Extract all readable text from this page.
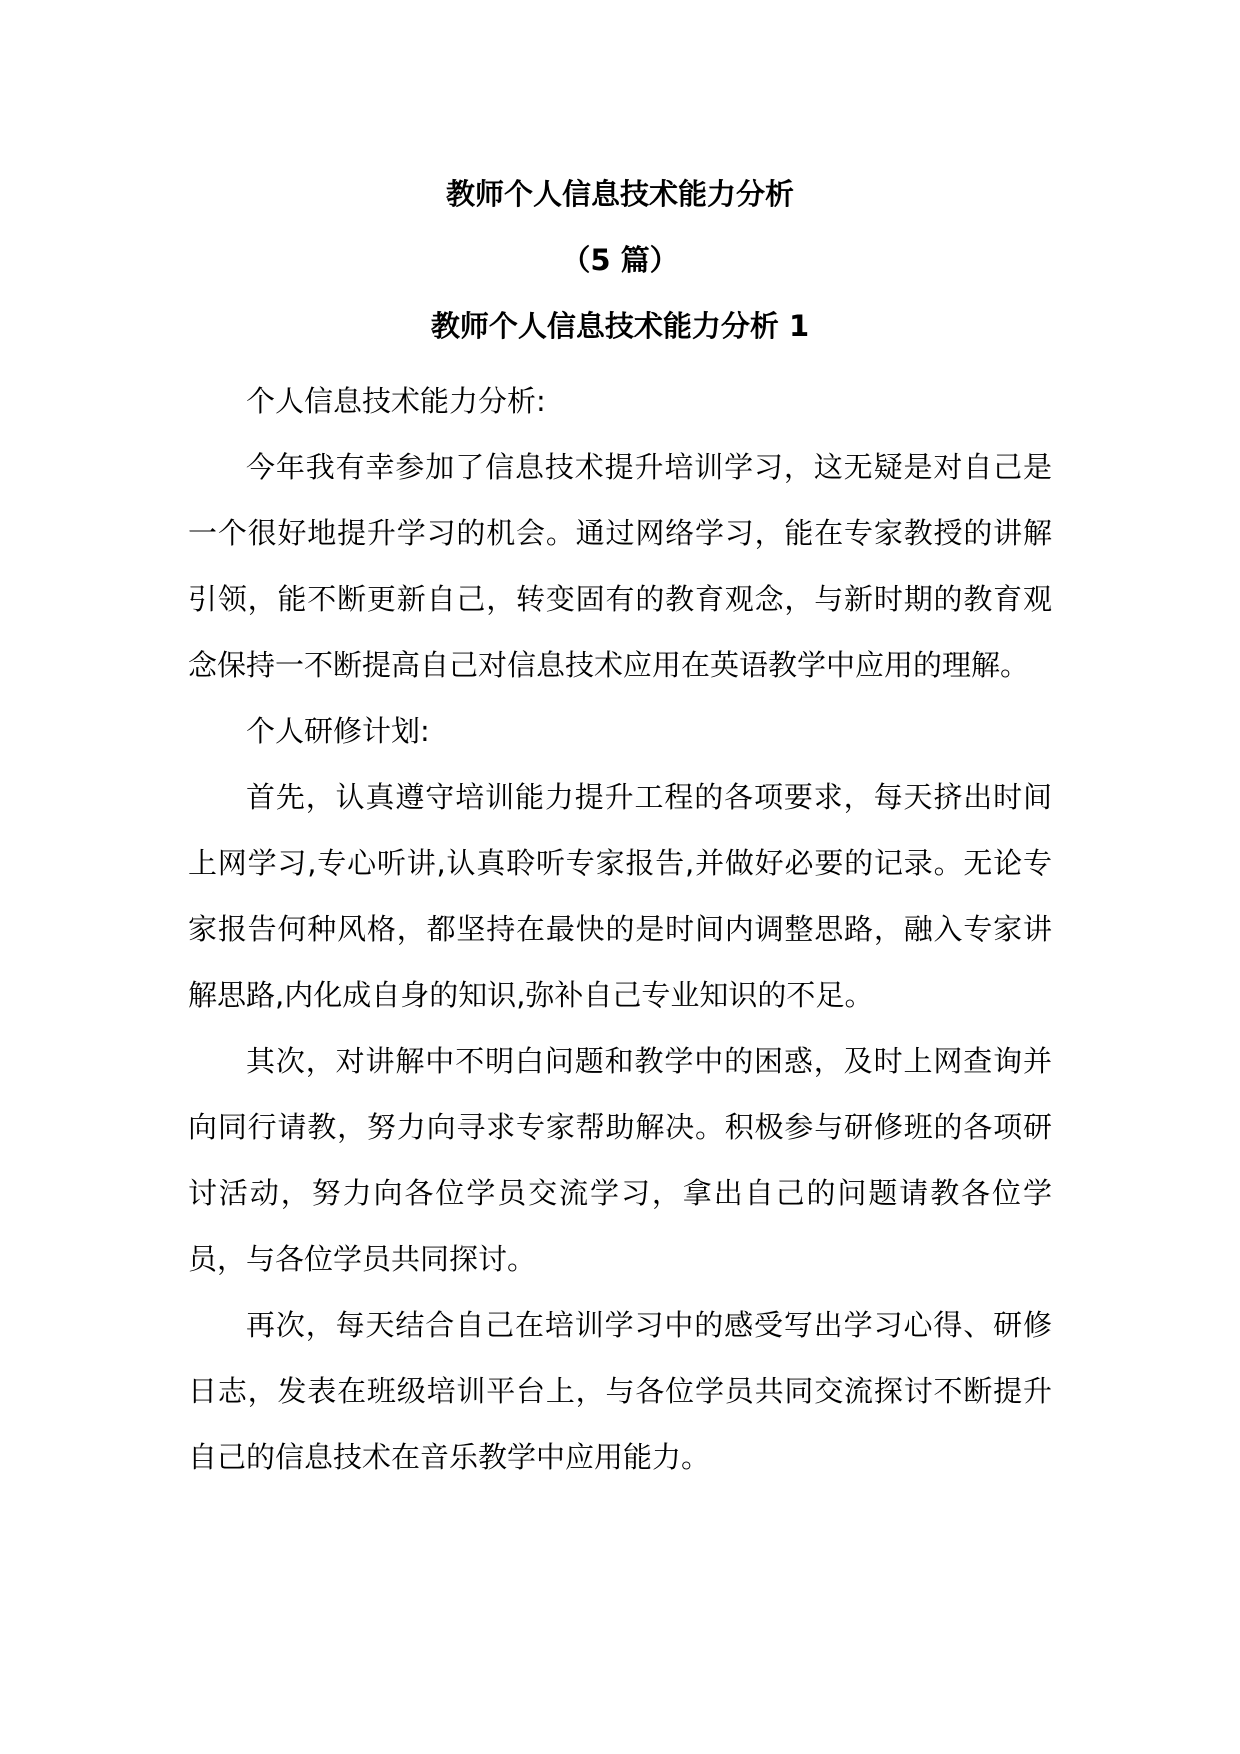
教师个人信息技术能力分析
（5 篇）
教师个人信息技术能力分析 1

个人信息技术能力分析:

今年我有幸参加了信息技术提升培训学习，这无疑是对自己是一个很好地提升学习的机会。通过网络学习，能在专家教授的讲解引领，能不断更新自己，转变固有的教育观念，与新时期的教育观念保持一不断提高自己对信息技术应用在英语教学中应用的理解。

个人研修计划:

首先，认真遵守培训能力提升工程的各项要求，每天挤出时间上网学习,专心听讲,认真聆听专家报告,并做好必要的记录。无论专家报告何种风格，都坚持在最快的是时间内调整思路，融入专家讲解思路,内化成自身的知识,弥补自己专业知识的不足。

其次，对讲解中不明白问题和教学中的困惑，及时上网查询并向同行请教，努力向寻求专家帮助解决。积极参与研修班的各项研讨活动，努力向各位学员交流学习，拿出自己的问题请教各位学员，与各位学员共同探讨。

再次，每天结合自己在培训学习中的感受写出学习心得、研修日志，发表在班级培训平台上，与各位学员共同交流探讨不断提升自己的信息技术在音乐教学中应用能力。
